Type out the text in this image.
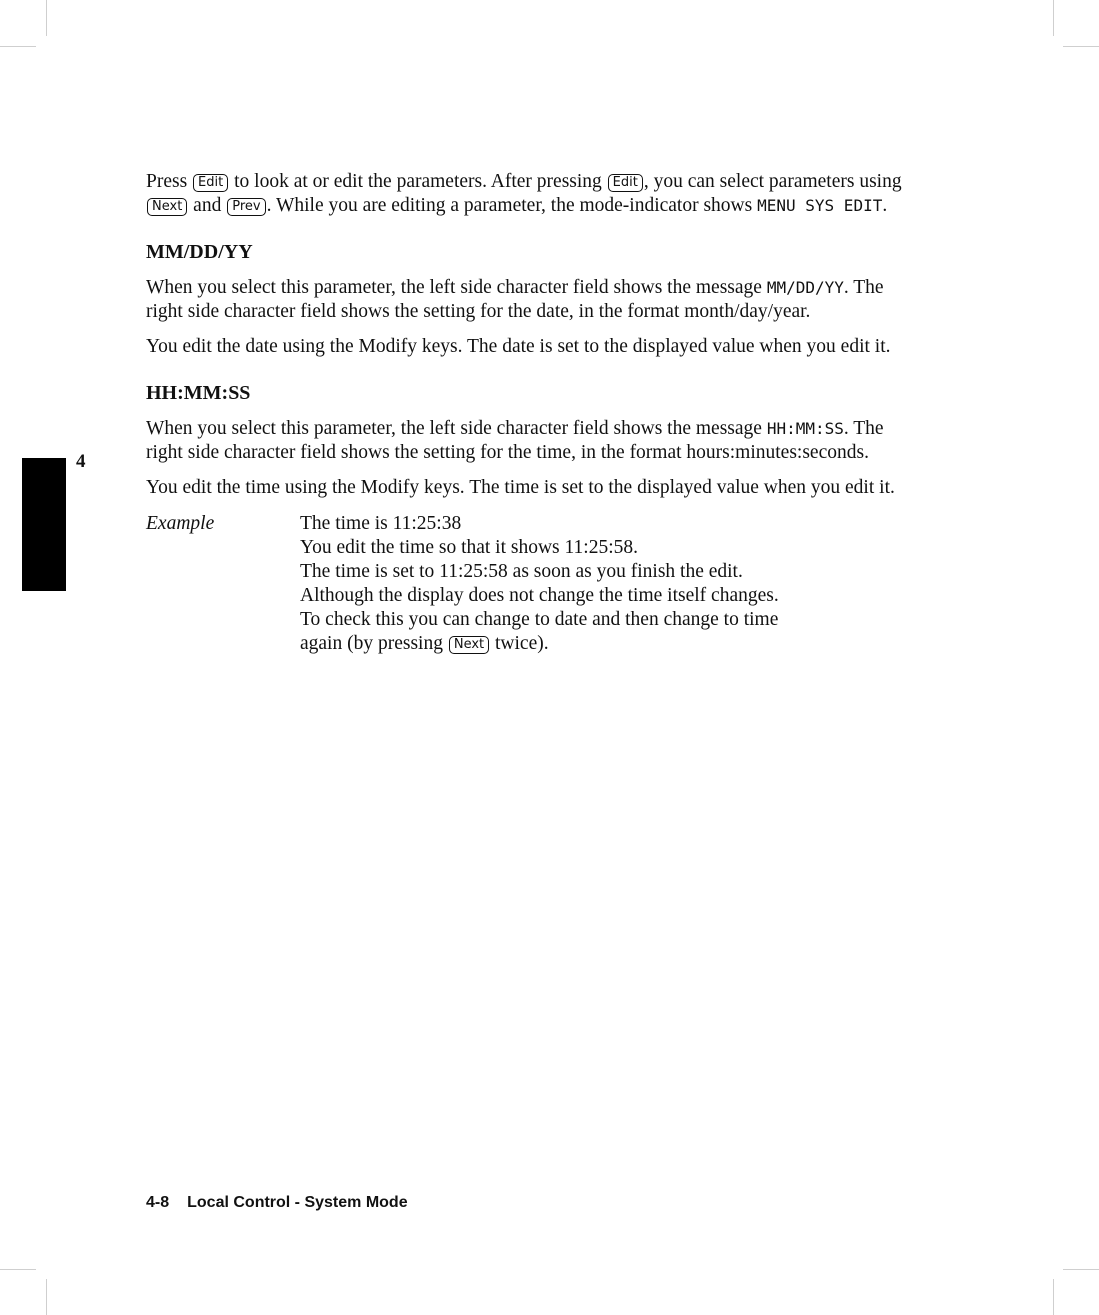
4

Press Edit to look at or edit the parameters. After pressing Edit , you can select parameters using Next and Prev . While you are editing a parameter, the mode-indicator shows MENU SYS EDIT.

MM/DD/YY

When you select this parameter, the left side character field shows the message MM/DD/YY. The right side character field shows the setting for the date, in the format month/day/year.

You edit the date using the Modify keys. The date is set to the displayed value when you edit it.

HH:MM:SS

When you select this parameter, the left side character field shows the message HH:MM:SS. The right side character field shows the setting for the time, in the format hours:minutes:seconds.

You edit the time using the Modify keys. The time is set to the displayed value when you edit it.

Example	The time is 11:25:38
You edit the time so that it shows 11:25:58.
The time is set to 11:25:58 as soon as you finish the edit.
Although the display does not change the time itself changes.
To check this you can change to date and then change to time
again (by pressing Next twice).
4-8 Local Control - System Mode
